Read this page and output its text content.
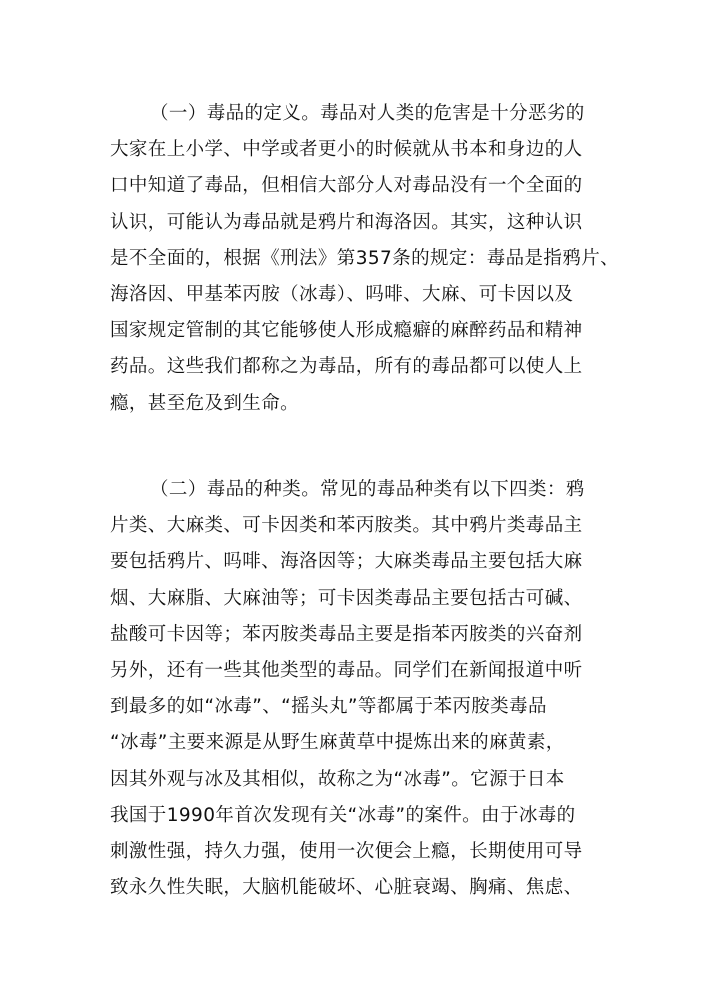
（一）毒品的定义。毒品对人类的危害是十分恶劣的
大家在上小学、中学或者更小的时候就从书本和身边的人
口中知道了毒品，但相信大部分人对毒品没有一个全面的
认识，可能认为毒品就是鸦片和海洛因。其实，这种认识
是不全面的，根据《刑法》第357条的规定：毒品是指鸦片、
海洛因、甲基苯丙胺（冰毒）、吗啡、大麻、可卡因以及
国家规定管制的其它能够使人形成瘾癖的麻醉药品和精神
药品。这些我们都称之为毒品，所有的毒品都可以使人上
瘾，甚至危及到生命。
（二）毒品的种类。常见的毒品种类有以下四类：鸦
片类、大麻类、可卡因类和苯丙胺类。其中鸦片类毒品主
要包括鸦片、吗啡、海洛因等；大麻类毒品主要包括大麻
烟、大麻脂、大麻油等；可卡因类毒品主要包括古可碱、
盐酸可卡因等；苯丙胺类毒品主要是指苯丙胺类的兴奋剂
另外，还有一些其他类型的毒品。同学们在新闻报道中听
到最多的如“冰毒”、“摇头丸”等都属于苯丙胺类毒品
“冰毒”主要来源是从野生麻黄草中提炼出来的麻黄素，
因其外观与冰及其相似，故称之为“冰毒”。它源于日本
我国于1990年首次发现有关“冰毒”的案件。由于冰毒的
刺激性强，持久力强，使用一次便会上瘾，长期使用可导
致永久性失眠，大脑机能破坏、心脏衰竭、胸痛、焦虑、
